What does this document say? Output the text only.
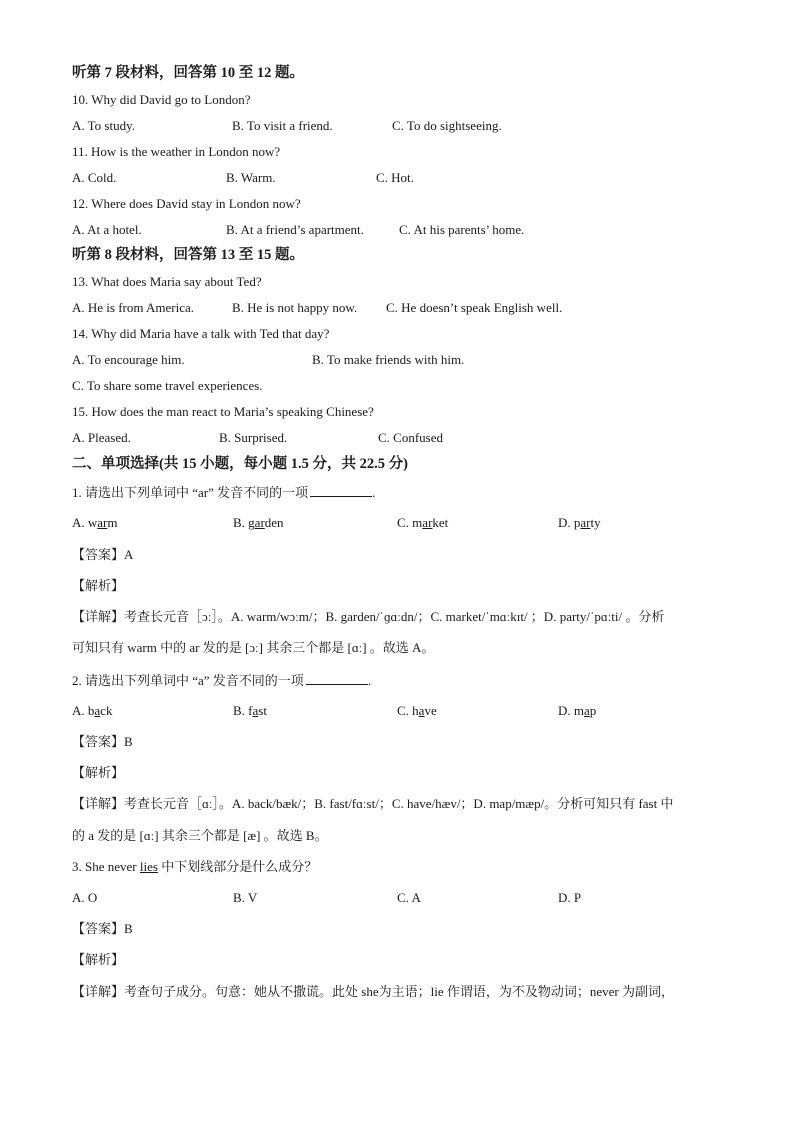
听第 7 段材料，回答第 10 至 12 题。
10. Why did David go to London?
A. To study.	B. To visit a friend.	C. To do sightseeing.
11. How is the weather in London now?
A. Cold.	B. Warm.	C. Hot.
12. Where does David stay in London now?
A. At a hotel.	B. At a friend’s apartment.	C. At his parents’ home.
听第 8 段材料，回答第 13 至 15 题。
13. What does Maria say about Ted?
A. He is from America.	B. He is not happy now. C. He doesn’t speak English well.
14. Why did Maria have a talk with Ted that day?
A. To encourage him.	B. To make friends with him.
C. To share some travel experiences.
15. How does the man react to Maria’s speaking Chinese?
A. Pleased.	B. Surprised.	C. Confused
二、单项选择(共 15 小题，每小题 1.5 分，共 22.5 分)
1. 请选出下列单词中 “ar” 发音不同的一项	.
A. warm	B. garden	C. market	D. party
【答案】A
【解析】
【详解】考查长元音［ɔː］。A. warm/wɔːm/；B. garden/ˈɡɑːdn/；C. market/ˈmɑːkɪt/ ；D. party/ˈpɑːti/ 。分析
可知只有 warm 中的 ar 发的是 [ɔː] 其余三个都是 [ɑː] 。故选 A。
2. 请选出下列单词中 “a” 发音不同的一项	.
A. back	B. fast	C. have	D. map
【答案】B
【解析】
【详解】考查长元音［ɑː］。A. back/bæk/；B. fast/fɑːst/；C. have/hæv/；D. map/mæp/。分析可知只有 fast 中
的 a 发的是 [ɑː] 其余三个都是 [æ] 。故选 B。
3. She never lies 中下划线部分是什么成分？
A. O	B. V	C. A	D. P
【答案】B
【解析】
【详解】考查句子成分。句意：她从不撒谎。此处 she为主语；lie 作谓语，为不及物动词；never 为副词，
